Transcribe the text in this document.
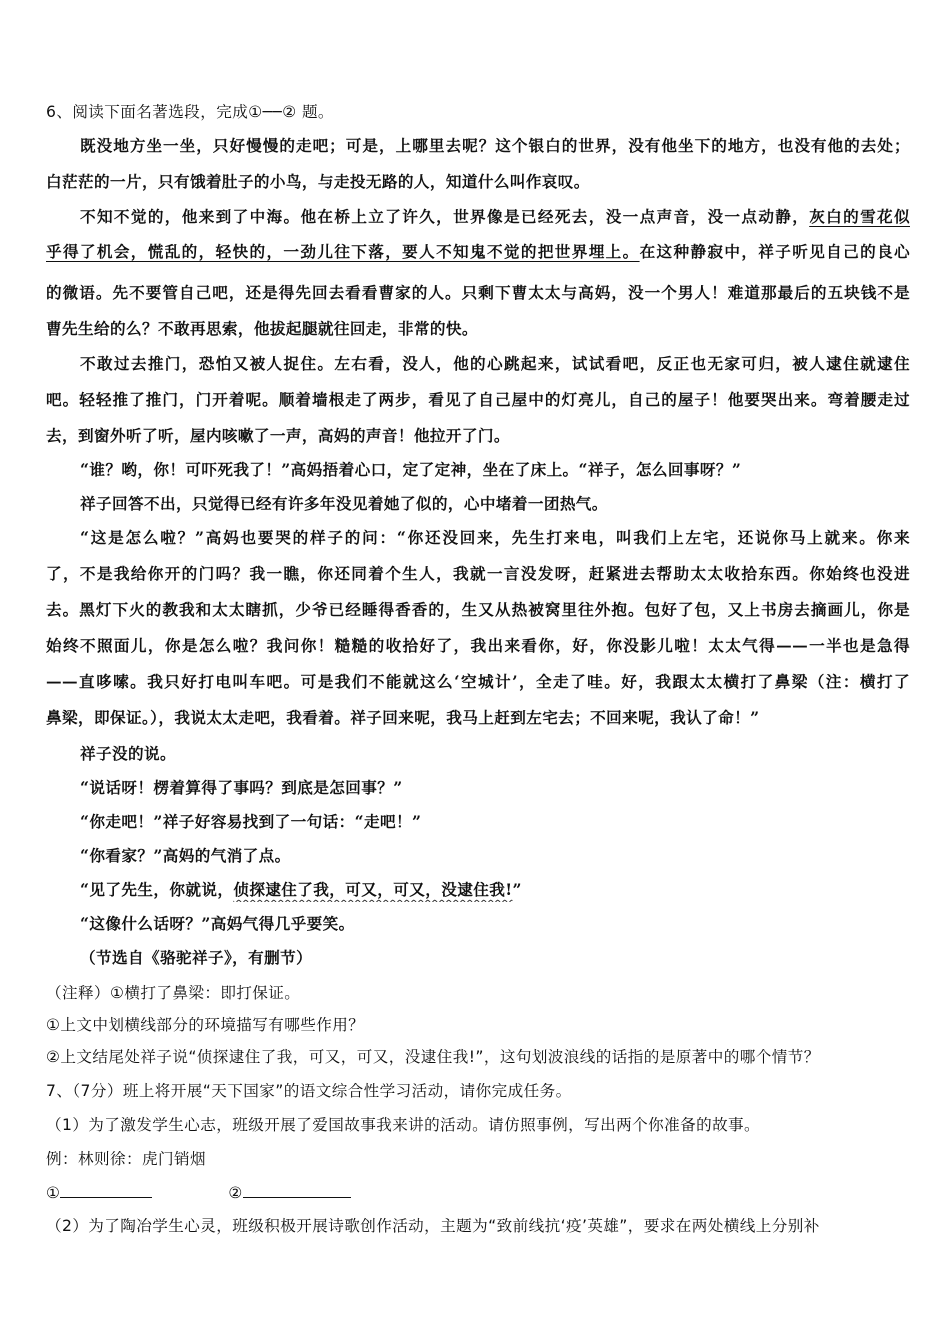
6、阅读下面名著选段，完成①──② 题。
既没地方坐一坐，只好慢慢的走吧；可是，上哪里去呢？这个银白的世界，没有他坐下的地方，也没有他的去处；
白茫茫的一片，只有饿着肚子的小鸟，与走投无路的人，知道什么叫作哀叹。
不知不觉的，他来到了中海。他在桥上立了许久，世界像是已经死去，没一点声音，没一点动静，灰白的雪花似
乎得了机会，慌乱的，轻快的，一劲儿往下落，要人不知鬼不觉的把世界埋上。在这种静寂中，祥子听见自己的良心
的微语。先不要管自己吧，还是得先回去看看曹家的人。只剩下曹太太与高妈，没一个男人！难道那最后的五块钱不是
曹先生给的么？不敢再思索，他拔起腿就往回走，非常的快。
不敢过去推门，恐怕又被人捉住。左右看，没人，他的心跳起来，试试看吧，反正也无家可归，被人逮住就逮住
吧。轻轻推了推门，门开着呢。顺着墙根走了两步，看见了自己屋中的灯亮儿，自己的屋子！他要哭出来。弯着腰走过
去，到窗外听了听，屋内咳嗽了一声，高妈的声音！他拉开了门。
“谁？哟，你！可吓死我了！”高妈捂着心口，定了定神，坐在了床上。“祥子，怎么回事呀？”
祥子回答不出，只觉得已经有许多年没见着她了似的，心中堵着一团热气。
“这是怎么啦？”高妈也要哭的样子的问：“你还没回来，先生打来电，叫我们上左宅，还说你马上就来。你来
了，不是我给你开的门吗？我一瞧，你还同着个生人，我就一言没发呀，赶紧进去帮助太太收拾东西。你始终也没进
去。黑灯下火的教我和太太瞎抓，少爷已经睡得香香的，生又从热被窝里往外抱。包好了包，又上书房去摘画儿，你是
始终不照面儿，你是怎么啦？我问你！糙糙的收拾好了，我出来看你，好，你没影儿啦！太太气得——一半也是急得
——直哆嗦。我只好打电叫车吧。可是我们不能就这么‘空城计’，全走了哇。好，我跟太太横打了鼻梁（注：横打了
鼻梁，即保证。），我说太太走吧，我看着。祥子回来呢，我马上赶到左宅去；不回来呢，我认了命！”
祥子没的说。
“说话呀！楞着算得了事吗？到底是怎回事？”
“你走吧！”祥子好容易找到了一句话：“走吧！”
“你看家？”高妈的气消了点。
“见了先生，你就说，侦探逮住了我，可又，可又，没逮住我!”
“这像什么话呀？”高妈气得几乎要笑。
（节选自《骆驼祥子》，有删节）
（注释）①横打了鼻梁：即打保证。
①上文中划横线部分的环境描写有哪些作用？
②上文结尾处祥子说“侦探逮住了我，可又，可又，没逮住我!”，这句划波浪线的话指的是原著中的哪个情节？
7、（7分）班上将开展“天下国家”的语文综合性学习活动，请你完成任务。
（1）为了激发学生心志，班级开展了爱国故事我来讲的活动。请仿照事例，写出两个你准备的故事。
例：林则徐：虎门销烟
①	②
（2）为了陶冶学生心灵，班级积极开展诗歌创作活动，主题为“致前线抗‘疫’英雄”，要求在两处横线上分别补
